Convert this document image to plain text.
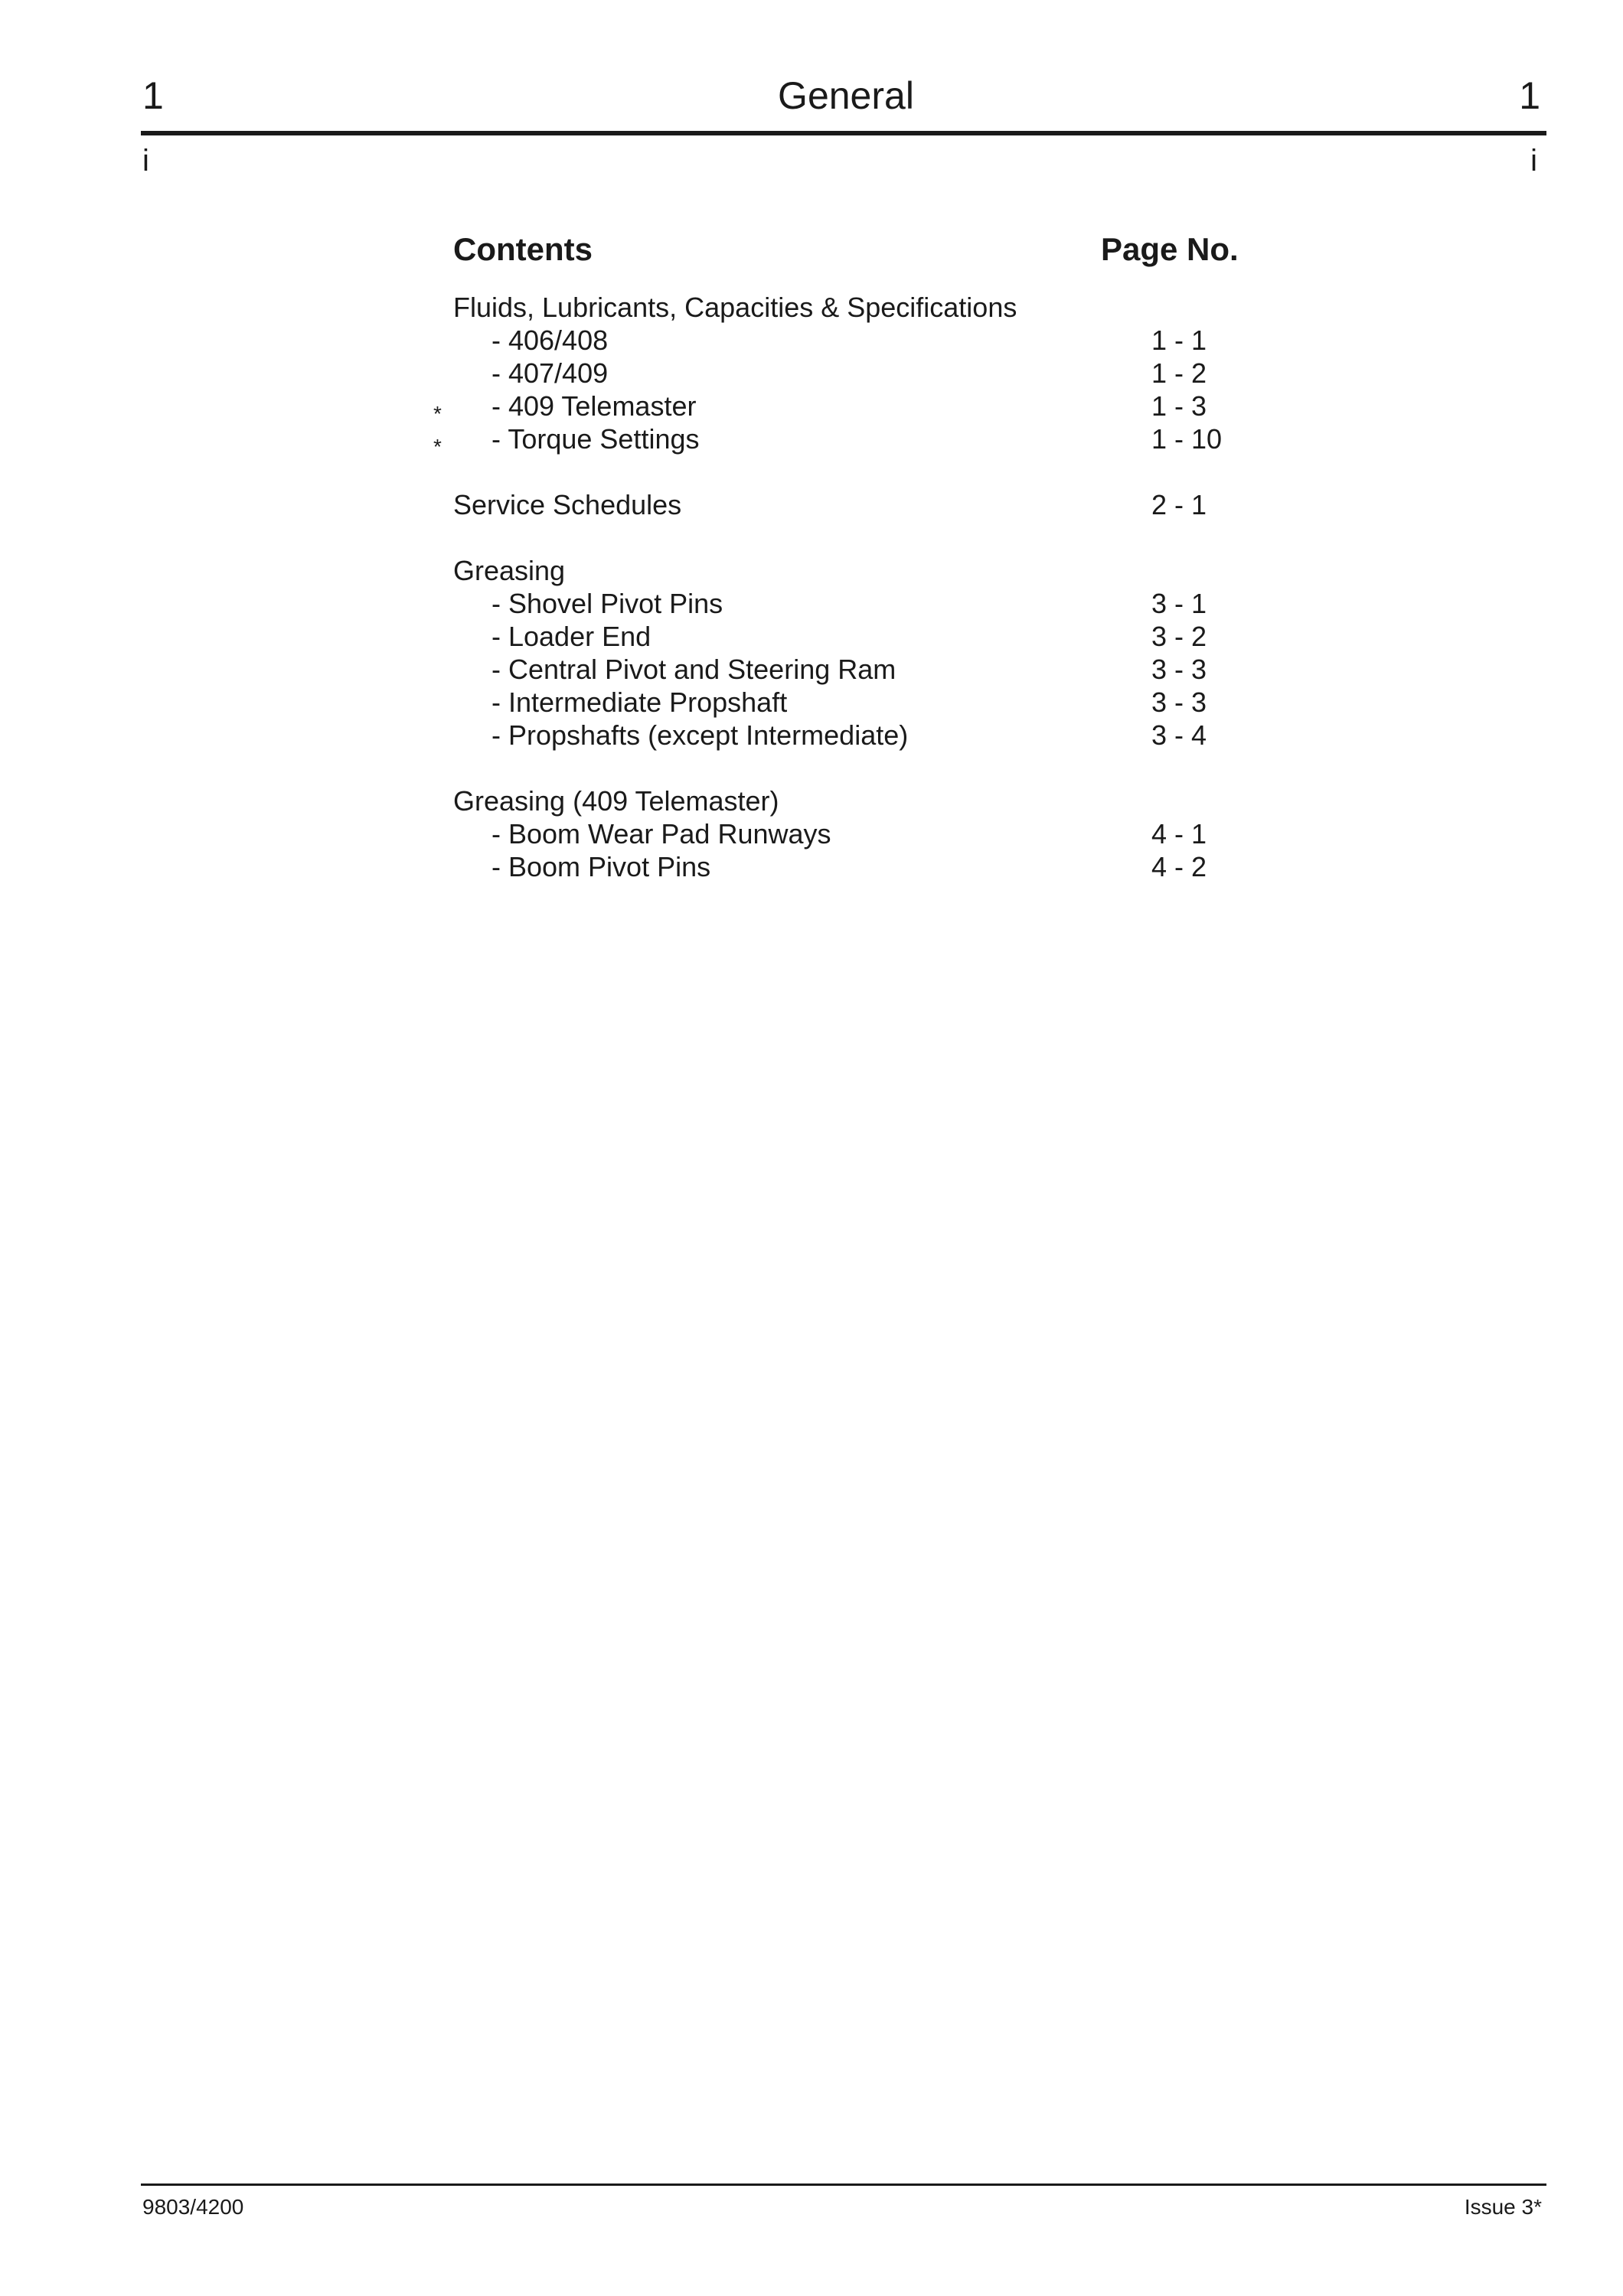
1	General	1
i	i
Contents	Page No.
Fluids, Lubricants, Capacities & Specifications
- 406/408	1 - 1
- 407/409	1 - 2
* - 409 Telemaster	1 - 3
* - Torque Settings	1 - 10
Service Schedules	2 - 1
Greasing
- Shovel Pivot Pins	3 - 1
- Loader End	3 - 2
- Central Pivot and Steering Ram	3 - 3
- Intermediate Propshaft	3 - 3
- Propshafts (except Intermediate)	3 - 4
Greasing (409 Telemaster)
- Boom Wear Pad Runways	4 - 1
- Boom Pivot Pins	4 - 2
9803/4200	Issue 3*
